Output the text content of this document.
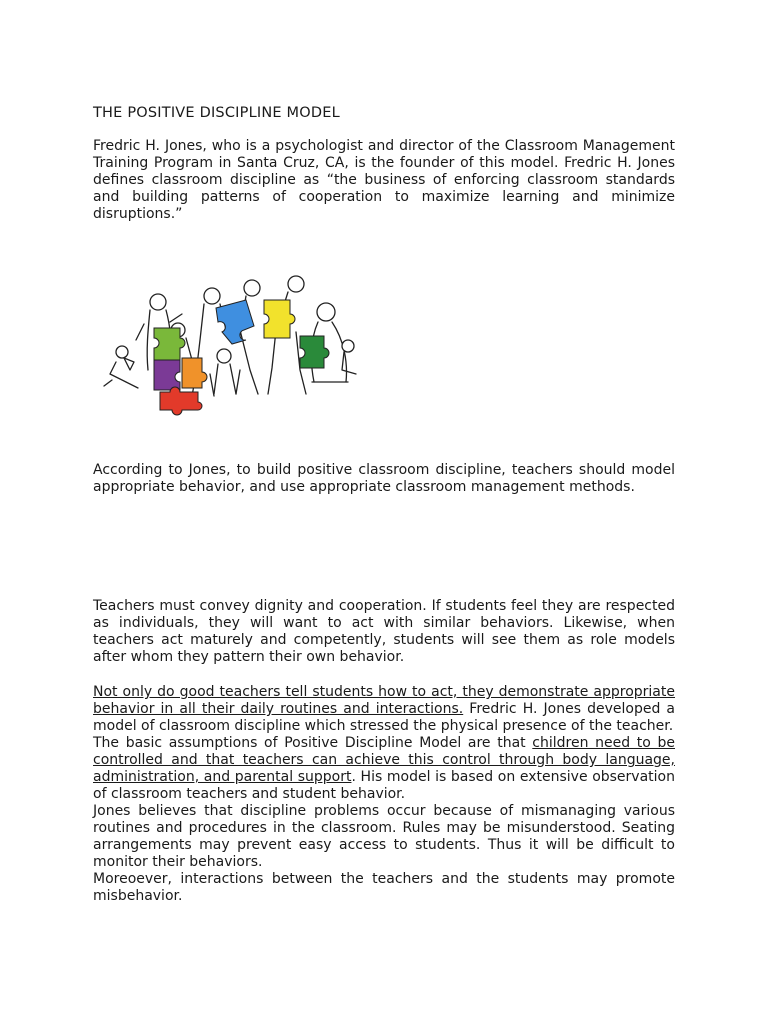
THE POSITIVE DISCIPLINE MODEL
Fredric H. Jones, who is a psychologist and director of the Classroom Management Training Program in Santa Cruz, CA, is the founder of this model. Fredric H. Jones defines classroom discipline as “the business of enforcing classroom standards and building patterns of cooperation to maximize learning and minimize disruptions.”
According to Jones, to build positive classroom discipline, teachers should model appropriate behavior, and use appropriate classroom management methods.
Teachers must convey dignity and cooperation. If students feel they are respected as individuals, they will want to act with similar behaviors. Likewise, when teachers act maturely and competently, students will see them as role models after whom they pattern their own behavior.
Not only do good teachers tell students how to act, they demonstrate appropriate behavior in all their daily routines and interactions. Fredric H. Jones developed a model of classroom discipline which stressed the physical presence of the teacher.
The basic assumptions of Positive Discipline Model are that children need to be controlled and that teachers can achieve this control through body language, administration, and parental support. His model is based on extensive observation of classroom teachers and student behavior.
Jones believes that discipline problems occur because of mismanaging various routines and procedures in the classroom. Rules may be misunderstood. Seating arrangements may prevent easy access to students. Thus it will be difficult to monitor their behaviors.
Moreoever, interactions between the teachers and the students may promote misbehavior.
